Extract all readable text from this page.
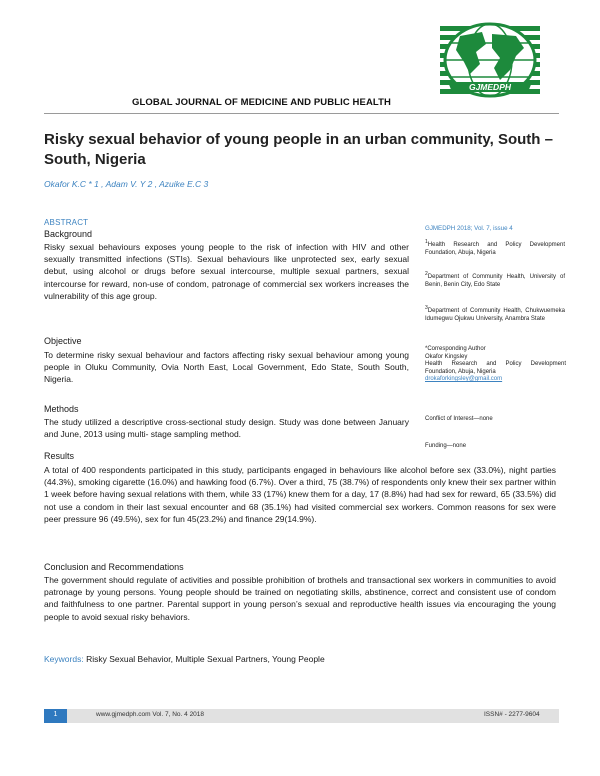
GJMEDPH
GLOBAL JOURNAL OF MEDICINE AND PUBLIC HEALTH
Risky sexual behavior of young people in an urban community, South – South, Nigeria
Okafor K.C * 1 , Adam V. Y 2 , Azuike E.C 3
ABSTRACT
Background
Risky sexual behaviours exposes young people to the risk of infection with HIV and other sexually transmitted infections (STIs). Sexual behaviours like unprotected sex, early sexual debut, using alcohol or drugs before sexual intercourse, multiple sexual partners, sexual intercourse for reward, non-use of condom, patronage of commercial sex workers increases the vulnerability of this age group.
Objective
To determine risky sexual behaviour and factors affecting risky sexual behaviour among young people in Oluku Community, Ovia North East, Local Government, Edo State, South South, Nigeria.
Methods
The study utilized a descriptive cross-sectional study design. Study was done between January and June, 2013 using multi- stage sampling method.
Results
A total of 400 respondents participated in this study, participants engaged in behaviours like alcohol before sex (33.0%), night parties (44.3%), smoking cigarette (16.0%) and hawking food (6.7%). Over a third, 75 (38.7%) of respondents only knew their sex partner within 1 week before having sexual relations with them, while 33 (17%) knew them for a day, 17 (8.8%) had had sex for reward, 65 (33.5%) did not use a condom in their last sexual encounter and 68 (35.1%) had visited commercial sex workers. Common reasons for sex were peer pressure 96 (49.5%), sex for fun 45(23.2%) and finance 29(14.9%).
Conclusion and Recommendations
The government should regulate of activities and possible prohibition of brothels and transactional sex workers in communities to avoid patronage by young persons. Young people should be trained on negotiating skills, abstinence, correct and consistent use of condom and faithfulness to one partner. Parental support in young person’s sexual and reproductive health issues via encouraging the young people to avoid sexual risky behaviors.
Keywords: Risky Sexual Behavior, Multiple Sexual Partners, Young People
GJMEDPH 2018; Vol. 7, issue 4
$^1$Health Research and Policy Development Foundation, Abuja, Nigeria
$^2$Department of Community Health, University of Benin, Benin City, Edo State
$^3$Department of Community Health, Chukwuemeka Idumegwu Ojukwu University, Anambra State
*Corresponding Author
Okafor Kingsley
Health Research and Policy Development Foundation, Abuja, Nigeria
drokaforkingsley@gmail.com
Conflict of Interest—none
Funding—none
1	www.gjmedph.com Vol. 7, No. 4 2018	ISSN# - 2277-9604
